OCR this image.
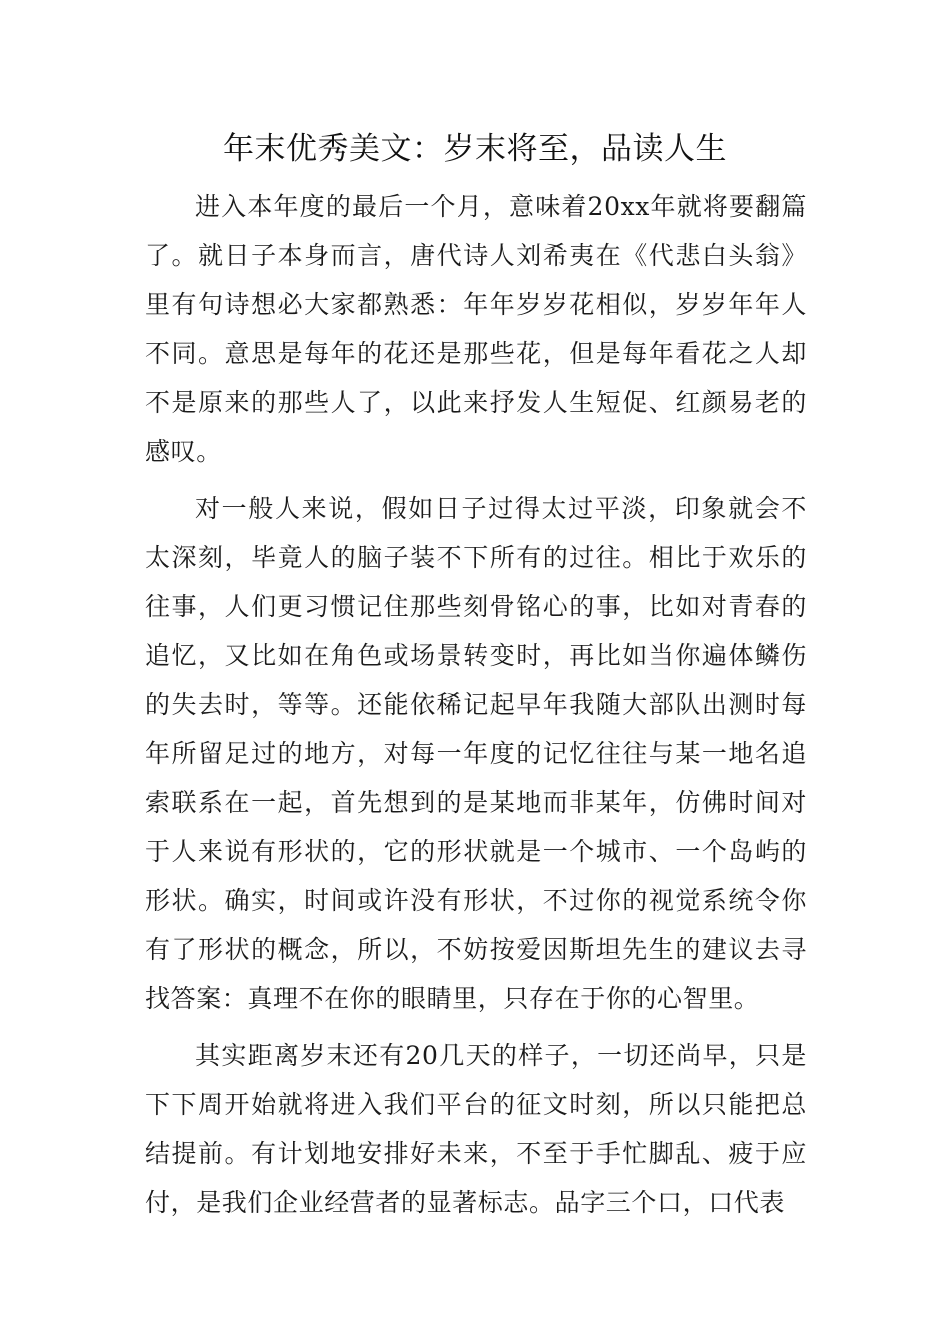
年末优秀美文：岁末将至，品读人生

进入本年度的最后一个月，意味着20xx年就将要翻篇了。就日子本身而言，唐代诗人刘希夷在《代悲白头翁》里有句诗想必大家都熟悉：年年岁岁花相似，岁岁年年人不同。意思是每年的花还是那些花，但是每年看花之人却不是原来的那些人了，以此来抒发人生短促、红颜易老的感叹。

对一般人来说，假如日子过得太过平淡，印象就会不太深刻，毕竟人的脑子装不下所有的过往。相比于欢乐的往事，人们更习惯记住那些刻骨铭心的事，比如对青春的追忆，又比如在角色或场景转变时，再比如当你遍体鳞伤的失去时，等等。还能依稀记起早年我随大部队出测时每年所留足过的地方，对每一年度的记忆往往与某一地名追索联系在一起，首先想到的是某地而非某年，仿佛时间对于人来说有形状的，它的形状就是一个城市、一个岛屿的形状。确实，时间或许没有形状，不过你的视觉系统令你有了形状的概念，所以，不妨按爱因斯坦先生的建议去寻找答案：真理不在你的眼睛里，只存在于你的心智里。

其实距离岁末还有20几天的样子，一切还尚早，只是下下周开始就将进入我们平台的征文时刻，所以只能把总结提前。有计划地安排好未来，不至于手忙脚乱、疲于应付，是我们企业经营者的显著标志。品字三个口，口代表
